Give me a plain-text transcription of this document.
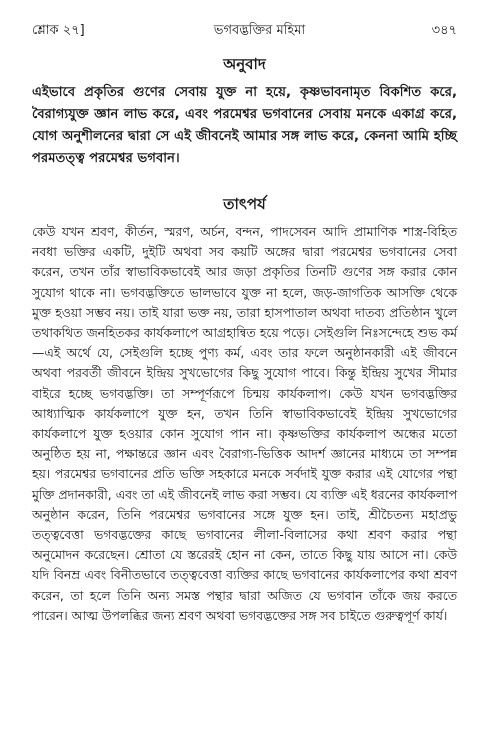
শ্লোক ২৭]	ভগবদ্ভক্তির মহিমা	৩৪৭
অনুবাদ

এইভাবে প্রকৃতির গুণের সেবায় যুক্ত না হয়ে, কৃষ্ণভাবনামৃত বিকশিত করে, বৈরাগ্যযুক্ত জ্ঞান লাভ করে, এবং পরমেশ্বর ভগবানের সেবায় মনকে একাগ্র করে, যোগ অনুশীলনের দ্বারা সে এই জীবনেই আমার সঙ্গ লাভ করে, কেননা আমি হচ্ছি পরমতত্ত্ব পরমেশ্বর ভগবান।

তাৎপর্য

কেউ যখন শ্রবণ, কীর্তন, স্মরণ, অর্চন, বন্দন, পাদসেবন আদি প্রামাণিক শাস্ত্র-বিহিত নবধা ভক্তির একটি, দুইটি অথবা সব কয়টি অঙ্গের দ্বারা পরমেশ্বর ভগবানের সেবা করেন, তখন তাঁর স্বাভাবিকভাবেই আর জড়া প্রকৃতির তিনটি গুণের সঙ্গ করার কোন সুযোগ থাকে না। ভগবদ্ভক্তিতে ভালভাবে যুক্ত না হলে, জড়-জাগতিক আসক্তি থেকে মুক্ত হওয়া সম্ভব নয়। তাই যারা ভক্ত নয়, তারা হাসপাতাল অথবা দাতব্য প্রতিষ্ঠান খুলে তথাকথিত জনহিতকর কার্যকলাপে আগ্রহান্বিত হয়ে পড়ে। সেইগুলি নিঃসন্দেহে শুভ কর্ম—এই অর্থে যে, সেইগুলি হচ্ছে পুণ্য কর্ম, এবং তার ফলে অনুষ্ঠানকারী এই জীবনে অথবা পরবর্তী জীবনে ইন্দ্রিয় সুখভোগের কিছু সুযোগ পাবে। কিন্তু ইন্দ্রিয় সুখের সীমার বাইরে হচ্ছে ভগবদ্ভক্তি। তা সম্পূর্ণরূপে চিন্ময় কার্যকলাপ। কেউ যখন ভগবদ্ভক্তির আধ্যাত্মিক কার্যকলাপে যুক্ত হন, তখন তিনি স্বাভাবিকভাবেই ইন্দ্রিয় সুখভোগের কার্যকলাপে যুক্ত হওয়ার কোন সুযোগ পান না। কৃষ্ণভক্তির কার্যকলাপ অন্ধের মতো অনুষ্ঠিত হয় না, পক্ষান্তরে জ্ঞান এবং বৈরাগ্য-ভিত্তিক আদর্শ জ্ঞানের মাধ্যমে তা সম্পন্ন হয়। পরমেশ্বর ভগবানের প্রতি ভক্তি সহকারে মনকে সর্বদাই যুক্ত করার এই যোগের পন্থা মুক্তি প্রদানকারী, এবং তা এই জীবনেই লাভ করা সম্ভব। যে ব্যক্তি এই ধরনের কার্যকলাপ অনুষ্ঠান করেন, তিনি পরমেশ্বর ভগবানের সঙ্গে যুক্ত হন। তাই, শ্রীচৈতন্য মহাপ্রভু তত্ত্ববেত্তা ভগবদ্ভক্তের কাছে ভগবানের লীলা-বিলাসের কথা শ্রবণ করার পন্থা অনুমোদন করেছেন। শ্রোতা যে স্তরেরই হোন না কেন, তাতে কিছু যায় আসে না। কেউ যদি বিনম্র এবং বিনীতভাবে তত্ত্ববেত্তা ব্যক্তির কাছে ভগবানের কার্যকলাপের কথা শ্রবণ করেন, তা হলে তিনি অন্য সমস্ত পন্থার দ্বারা অজিত যে ভগবান তাঁকে জয় করতে পারেন। আত্ম উপলব্ধির জন্য শ্রবণ অথবা ভগবদ্ভক্তের সঙ্গ সব চাইতে গুরুত্বপূর্ণ কার্য।
